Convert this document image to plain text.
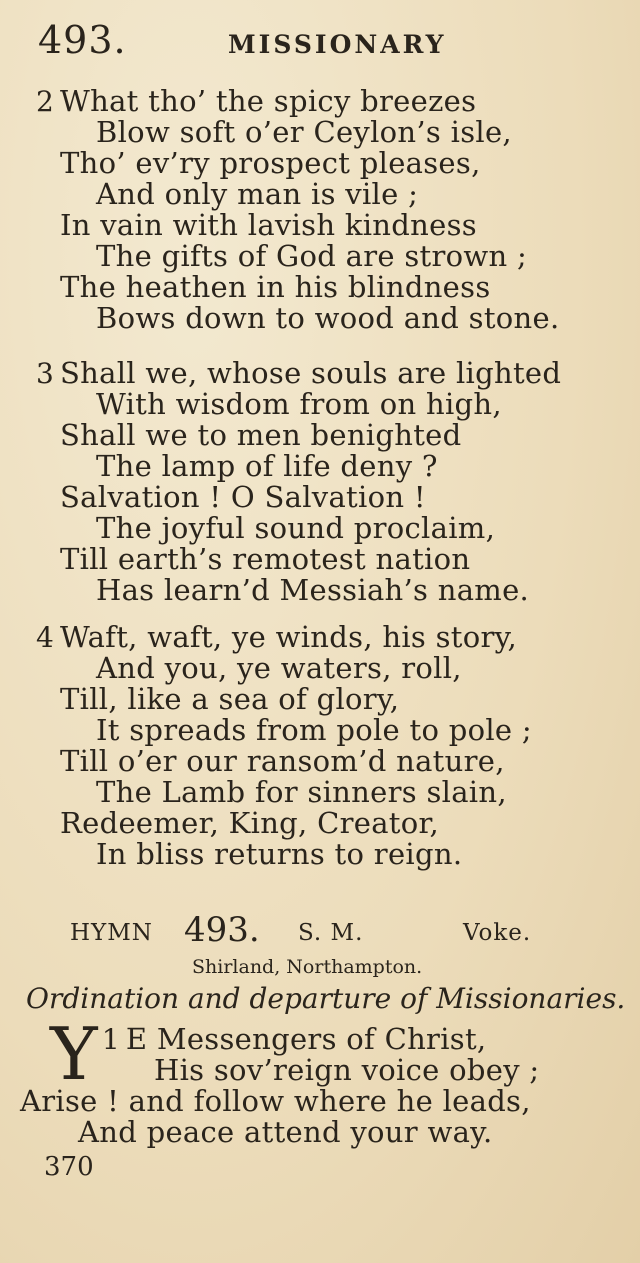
493.	MISSIONARY
2 What tho’ the spicy breezes
Blow soft o’er Ceylon’s isle,
Tho’ ev’ry prospect pleases,
And only man is vile ;
In vain with lavish kindness
The gifts of God are strown ;
The heathen in his blindness
Bows down to wood and stone.
3 Shall we, whose souls are lighted
With wisdom from on high,
Shall we to men benighted
The lamp of life deny ?
Salvation ! O Salvation !
The joyful sound proclaim,
Till earth’s remotest nation
Has learn’d Messiah’s name.
4 Waft, waft, ye winds, his story,
And you, ye waters, roll,
Till, like a sea of glory,
It spreads from pole to pole ;
Till o’er our ransom’d nature,
The Lamb for sinners slain,
Redeemer, King, Creator,
In bliss returns to reign.
HYMN 493. S. M.	Voke.
Shirland, Northampton.
Ordination and departure of Missionaries.
1
Y E Messengers of Christ,
His sov’reign voice obey ;
Arise ! and follow where he leads,
And peace attend your way.
370
